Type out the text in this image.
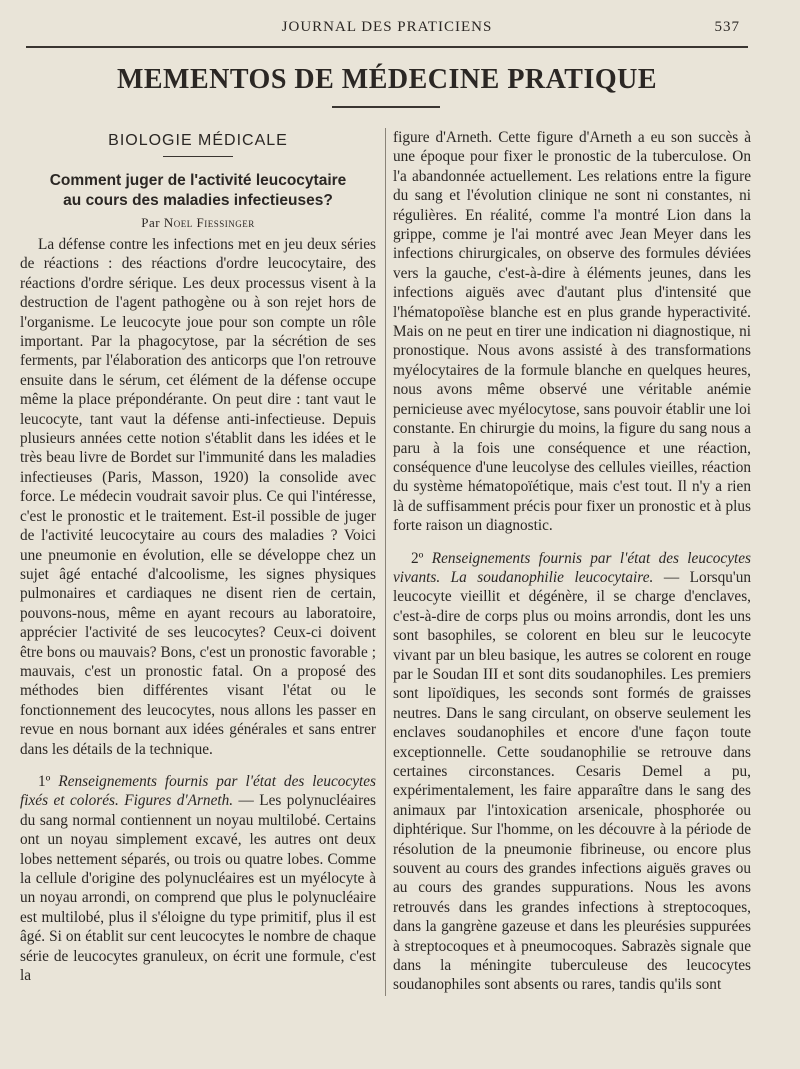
JOURNAL DES PRATICIENS	537
MEMENTOS DE MÉDECINE PRATIQUE
BIOLOGIE MÉDICALE
Comment juger de l'activité leucocytaire
au cours des maladies infectieuses?
Par Noel Fiessinger

La défense contre les infections met en jeu deux séries de réactions : des réactions d'ordre leucocytaire, des réactions d'ordre sérique. Les deux processus visent à la destruction de l'agent pathogène ou à son rejet hors de l'organisme. Le leucocyte joue pour son compte un rôle important. Par la phagocytose, par la sécrétion de ses ferments, par l'élaboration des anticorps que l'on retrouve ensuite dans le sérum, cet élément de la défense occupe même la place prépondérante. On peut dire : tant vaut le leucocyte, tant vaut la défense anti-infectieuse. Depuis plusieurs années cette notion s'établit dans les idées et le très beau livre de Bordet sur l'immunité dans les maladies infectieuses (Paris, Masson, 1920) la consolide avec force. Le médecin voudrait savoir plus. Ce qui l'intéresse, c'est le pronostic et le traitement. Est-il possible de juger de l'activité leucocytaire au cours des maladies ? Voici une pneumonie en évolution, elle se développe chez un sujet âgé entaché d'alcoolisme, les signes physiques pulmonaires et cardiaques ne disent rien de certain, pouvons-nous, même en ayant recours au laboratoire, apprécier l'activité de ses leucocytes? Ceux-ci doivent être bons ou mauvais? Bons, c'est un pronostic favorable ; mauvais, c'est un pronostic fatal. On a proposé des méthodes bien différentes visant l'état ou le fonctionnement des leucocytes, nous allons les passer en revue en nous bornant aux idées générales et sans entrer dans les détails de la technique.

1º Renseignements fournis par l'état des leucocytes fixés et colorés. Figures d'Arneth. — Les polynucléaires du sang normal contiennent un noyau multilobé. Certains ont un noyau simplement excavé, les autres ont deux lobes nettement séparés, ou trois ou quatre lobes. Comme la cellule d'origine des polynucléaires est un myélocyte à un noyau arrondi, on comprend que plus le polynucléaire est multilobé, plus il s'éloigne du type primitif, plus il est âgé. Si on établit sur cent leucocytes le nombre de chaque série de leucocytes granuleux, on écrit une formule, c'est la

figure d'Arneth. Cette figure d'Arneth a eu son succès à une époque pour fixer le pronostic de la tuberculose. On l'a abandonnée actuellement. Les relations entre la figure du sang et l'évolution clinique ne sont ni constantes, ni régulières. En réalité, comme l'a montré Lion dans la grippe, comme je l'ai montré avec Jean Meyer dans les infections chirurgicales, on observe des formules déviées vers la gauche, c'est-à-dire à éléments jeunes, dans les infections aiguës avec d'autant plus d'intensité que l'hématopoïèse blanche est en plus grande hyperactivité. Mais on ne peut en tirer une indication ni diagnostique, ni pronostique. Nous avons assisté à des transformations myélocytaires de la formule blanche en quelques heures, nous avons même observé une véritable anémie pernicieuse avec myélocytose, sans pouvoir établir une loi constante. En chirurgie du moins, la figure du sang nous a paru à la fois une conséquence et une réaction, conséquence d'une leucolyse des cellules vieilles, réaction du système hématopoïétique, mais c'est tout. Il n'y a rien là de suffisamment précis pour fixer un pronostic et à plus forte raison un diagnostic.

2º Renseignements fournis par l'état des leucocytes vivants. La soudanophilie leucocytaire. — Lorsqu'un leucocyte vieillit et dégénère, il se charge d'enclaves, c'est-à-dire de corps plus ou moins arrondis, dont les uns sont basophiles, se colorent en bleu sur le leucocyte vivant par un bleu basique, les autres se colorent en rouge par le Soudan III et sont dits soudanophiles. Les premiers sont lipoïdiques, les seconds sont formés de graisses neutres. Dans le sang circulant, on observe seulement les enclaves soudanophiles et encore d'une façon toute exceptionnelle. Cette soudanophilie se retrouve dans certaines circonstances. Cesaris Demel a pu, expérimentalement, les faire apparaître dans le sang des animaux par l'intoxication arsenicale, phosphorée ou diphtérique. Sur l'homme, on les découvre à la période de résolution de la pneumonie fibrineuse, ou encore plus souvent au cours des grandes infections aiguës graves ou au cours des grandes suppurations. Nous les avons retrouvés dans les grandes infections à streptocoques, dans la gangrène gazeuse et dans les pleurésies suppurées à streptocoques et à pneumocoques. Sabrazès signale que dans la méningite tuberculeuse des leucocytes soudanophiles sont absents ou rares, tandis qu'ils sont
